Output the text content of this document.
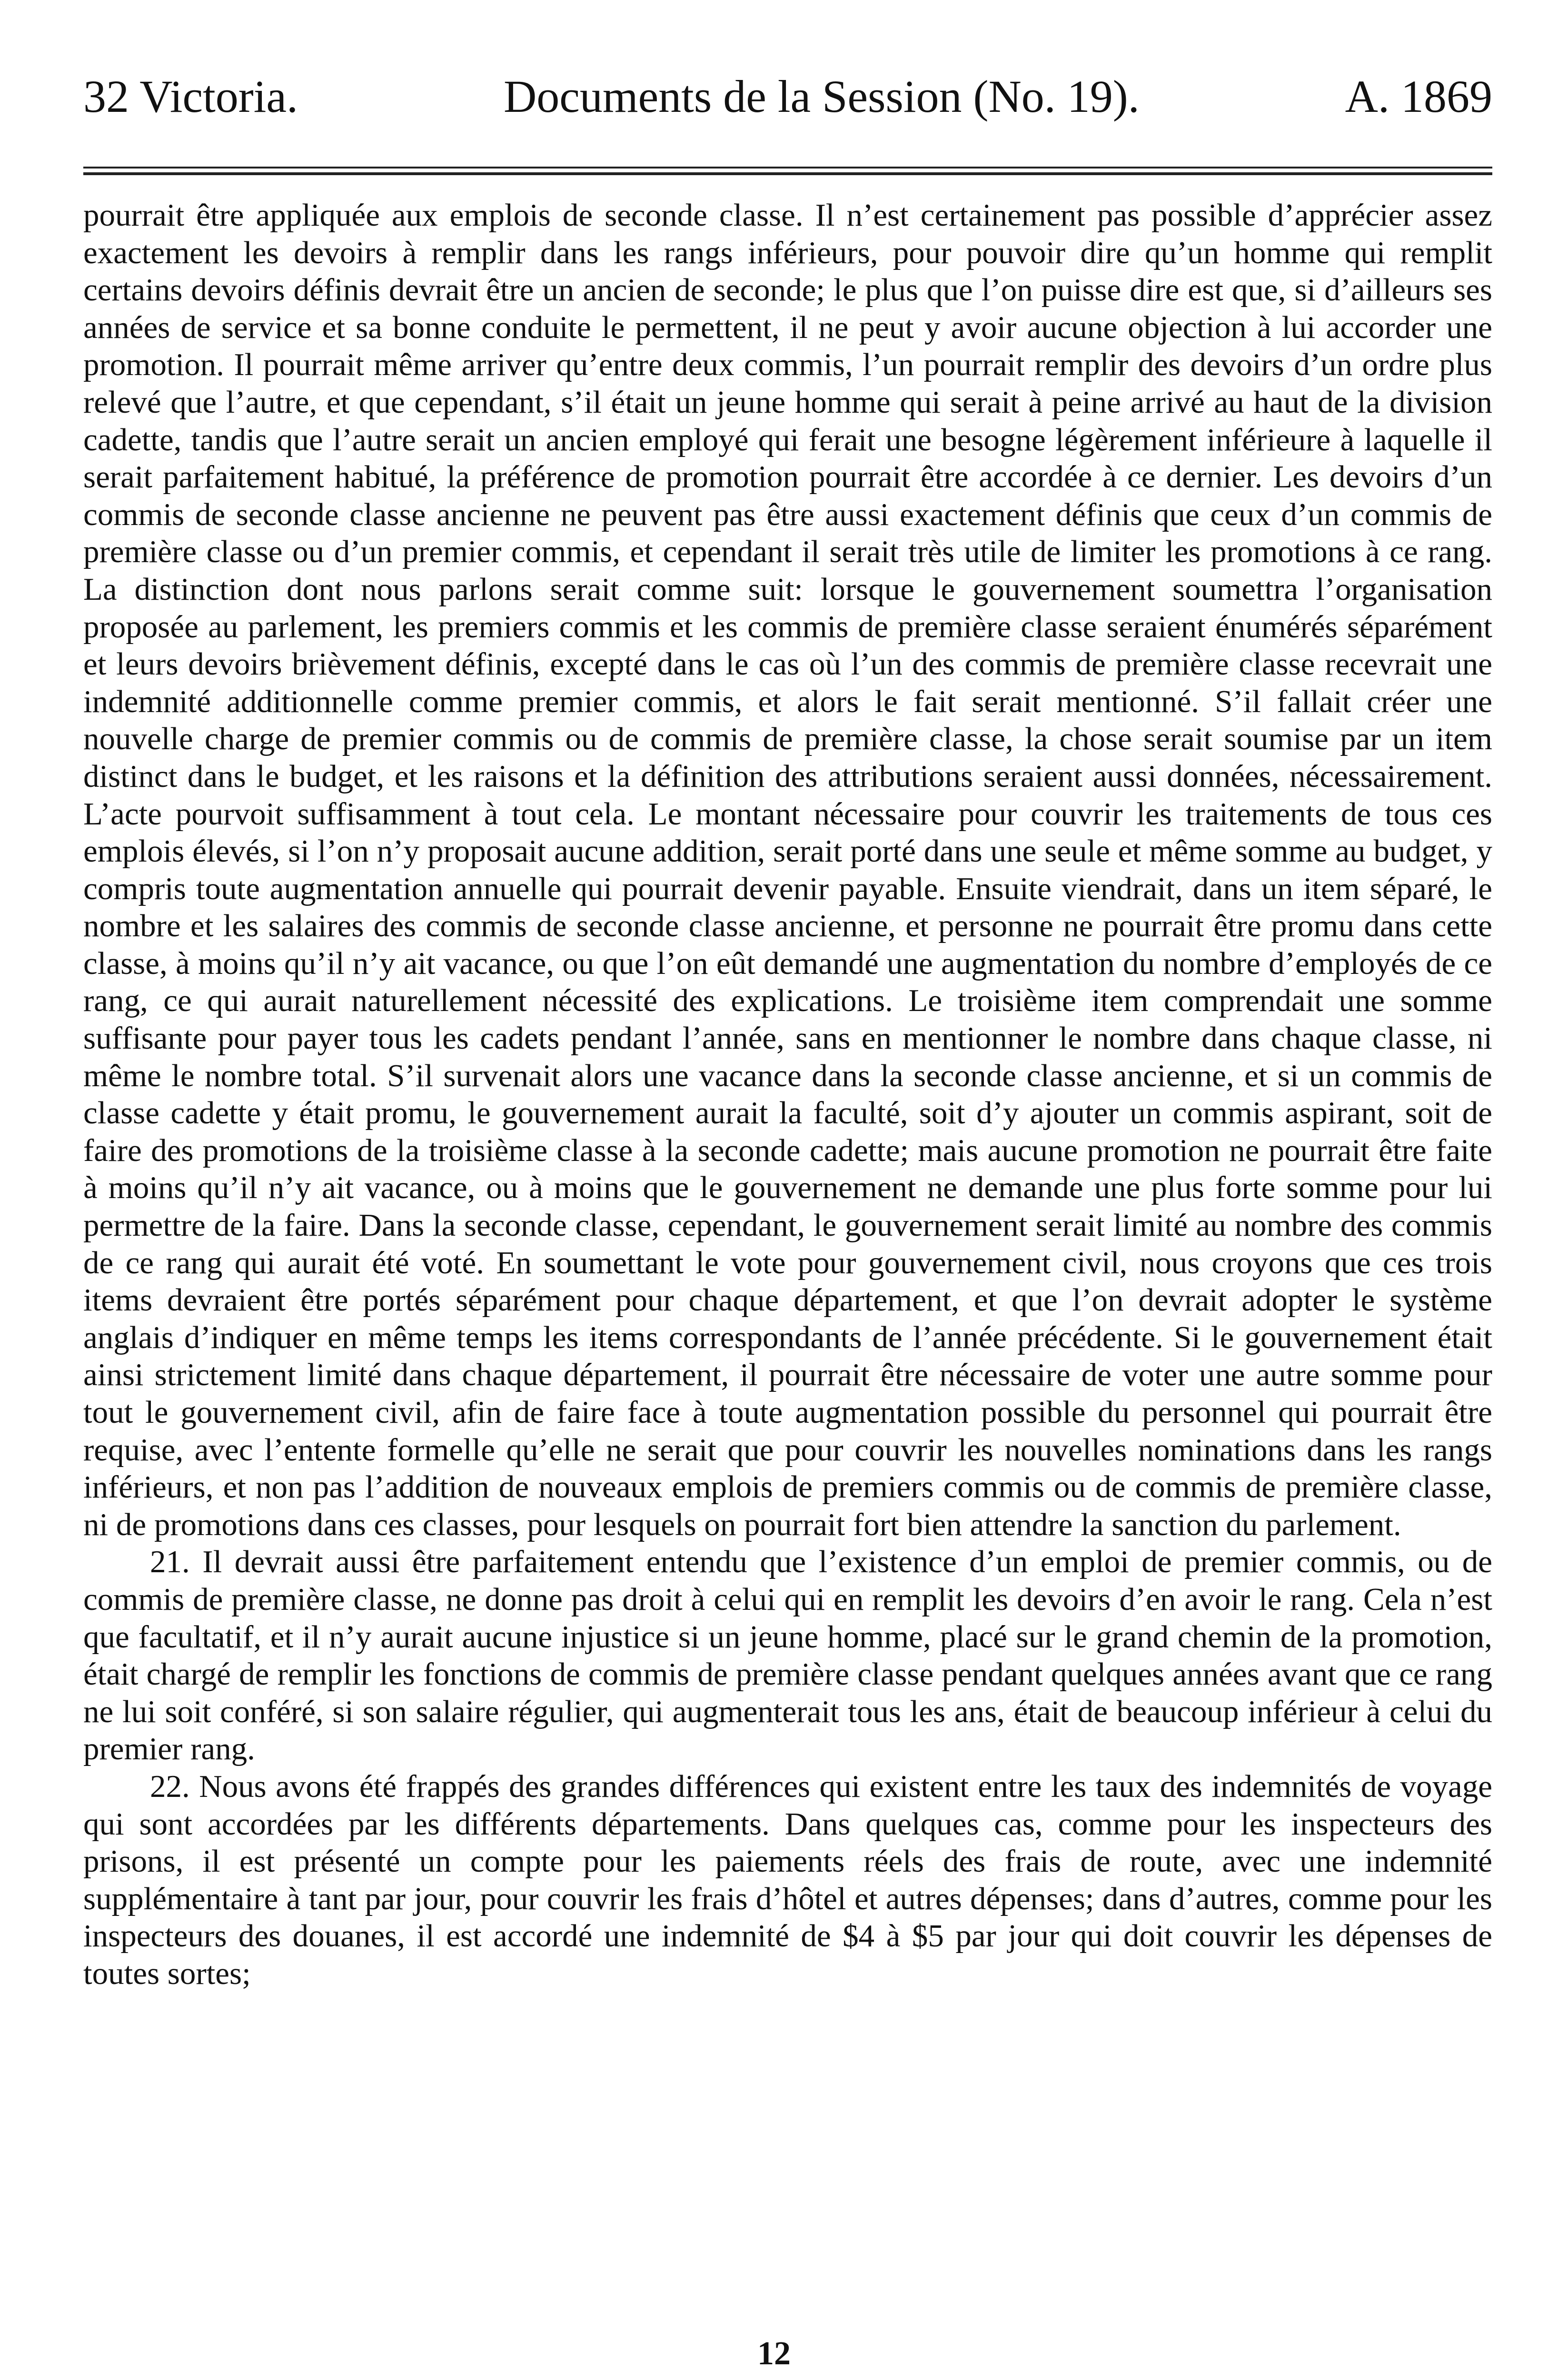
32 Victoria.	Documents de la Session (No. 19).	A. 1869

pourrait être appliquée aux emplois de seconde classe. Il n’est certainement pas possible d’apprécier assez exactement les devoirs à remplir dans les rangs inférieurs, pour pouvoir dire qu’un homme qui remplit certains devoirs définis devrait être un ancien de seconde; le plus que l’on puisse dire est que, si d’ailleurs ses années de service et sa bonne conduite le permettent, il ne peut y avoir aucune objection à lui accorder une promotion. Il pourrait même arriver qu’entre deux commis, l’un pourrait remplir des devoirs d’un ordre plus relevé que l’autre, et que cependant, s’il était un jeune homme qui serait à peine arrivé au haut de la division cadette, tandis que l’autre serait un ancien employé qui ferait une besogne légèrement inférieure à laquelle il serait parfaitement habitué, la préférence de promotion pourrait être accordée à ce dernier. Les devoirs d’un commis de seconde classe ancienne ne peuvent pas être aussi exactement définis que ceux d’un commis de première classe ou d’un premier commis, et cependant il serait très utile de limiter les promotions à ce rang. La distinction dont nous parlons serait comme suit: lorsque le gouvernement soumettra l’organisation proposée au parlement, les premiers commis et les commis de première classe seraient énumérés séparément et leurs devoirs brièvement définis, excepté dans le cas où l’un des commis de première classe recevrait une indemnité additionnelle comme premier commis, et alors le fait serait mentionné. S’il fallait créer une nouvelle charge de premier commis ou de commis de première classe, la chose serait soumise par un item distinct dans le budget, et les raisons et la définition des attributions seraient aussi données, nécessairement. L’acte pourvoit suffisamment à tout cela. Le montant nécessaire pour couvrir les traitements de tous ces emplois élevés, si l’on n’y proposait aucune addition, serait porté dans une seule et même somme au budget, y compris toute augmentation annuelle qui pourrait devenir payable. Ensuite viendrait, dans un item séparé, le nombre et les salaires des commis de seconde classe ancienne, et personne ne pourrait être promu dans cette classe, à moins qu’il n’y ait vacance, ou que l’on eût demandé une augmentation du nombre d’employés de ce rang, ce qui aurait naturellement nécessité des explications. Le troisième item comprendait une somme suffisante pour payer tous les cadets pendant l’année, sans en mentionner le nombre dans chaque classe, ni même le nombre total. S’il survenait alors une vacance dans la seconde classe ancienne, et si un commis de classe cadette y était promu, le gouvernement aurait la faculté, soit d’y ajouter un commis aspirant, soit de faire des promotions de la troisième classe à la seconde cadette; mais aucune promotion ne pourrait être faite à moins qu’il n’y ait vacance, ou à moins que le gouvernement ne demande une plus forte somme pour lui permettre de la faire. Dans la seconde classe, cependant, le gouvernement serait limité au nombre des commis de ce rang qui aurait été voté. En soumettant le vote pour gouvernement civil, nous croyons que ces trois items devraient être portés séparément pour chaque département, et que l’on devrait adopter le système anglais d’indiquer en même temps les items correspondants de l’année précédente. Si le gouvernement était ainsi strictement limité dans chaque département, il pourrait être nécessaire de voter une autre somme pour tout le gouvernement civil, afin de faire face à toute augmentation possible du personnel qui pourrait être requise, avec l’entente formelle qu’elle ne serait que pour couvrir les nouvelles nominations dans les rangs inférieurs, et non pas l’addition de nouveaux emplois de premiers commis ou de commis de première classe, ni de promotions dans ces classes, pour lesquels on pourrait fort bien attendre la sanction du parlement.

21. Il devrait aussi être parfaitement entendu que l’existence d’un emploi de premier commis, ou de commis de première classe, ne donne pas droit à celui qui en remplit les devoirs d’en avoir le rang. Cela n’est que facultatif, et il n’y aurait aucune injustice si un jeune homme, placé sur le grand chemin de la promotion, était chargé de remplir les fonctions de commis de première classe pendant quelques années avant que ce rang ne lui soit conféré, si son salaire régulier, qui augmenterait tous les ans, était de beaucoup inférieur à celui du premier rang.

22. Nous avons été frappés des grandes différences qui existent entre les taux des indemnités de voyage qui sont accordées par les différents départements. Dans quelques cas, comme pour les inspecteurs des prisons, il est présenté un compte pour les paiements réels des frais de route, avec une indemnité supplémentaire à tant par jour, pour couvrir les frais d’hôtel et autres dépenses; dans d’autres, comme pour les inspecteurs des douanes, il est accordé une indemnité de $4 à $5 par jour qui doit couvrir les dépenses de toutes sortes;

12
